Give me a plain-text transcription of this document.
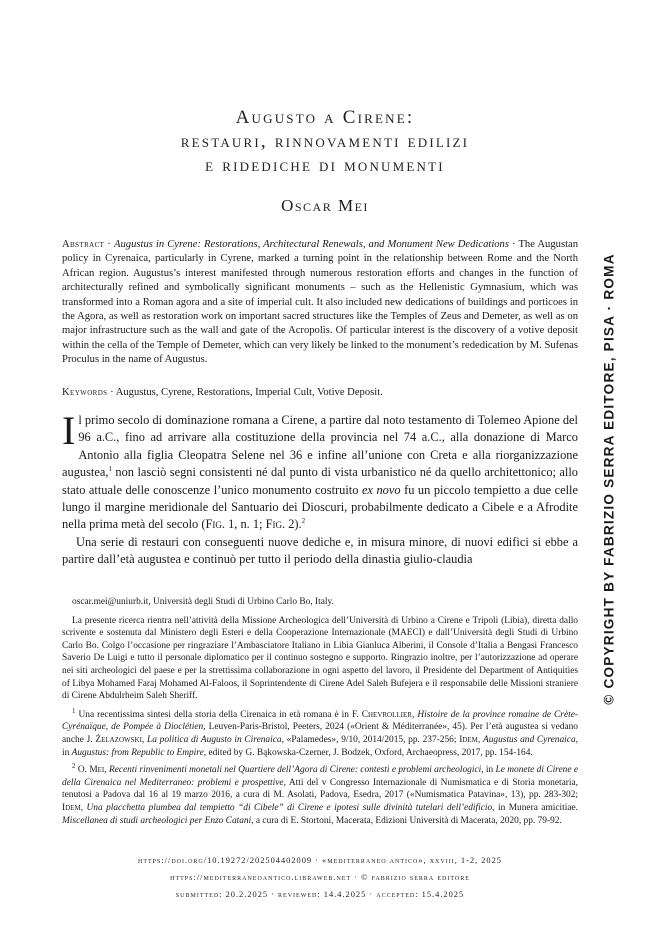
Augusto a Cirene:
restauri, rinnovamenti edilizi
e ridediche di monumenti
Oscar Mei
Abstract · Augustus in Cyrene: Restorations, Architectural Renewals, and Monument New Dedications · The Augustan policy in Cyrenaica, particularly in Cyrene, marked a turning point in the relationship between Rome and the North African region. Augustus’s interest manifested through numerous restoration efforts and changes in the function of architecturally refined and symbolically significant monuments – such as the Hellenistic Gymnasium, which was transformed into a Roman agora and a site of imperial cult. It also included new dedications of buildings and porticoes in the Agora, as well as restoration work on important sacred structures like the Temples of Zeus and Demeter, as well as on major infrastructure such as the wall and gate of the Acropolis. Of particular interest is the discovery of a votive deposit within the cella of the Temple of Demeter, which can very likely be linked to the monument’s rededication by M. Sufenas Proculus in the name of Augustus.
Keywords · Augustus, Cyrene, Restorations, Imperial Cult, Votive Deposit.

Il primo secolo di dominazione romana a Cirene, a partire dal noto testamento di Tolemeo Apione del 96 a.C., fino ad arrivare alla costituzione della provincia nel 74 a.C., alla donazione di Marco Antonio alla figlia Cleopatra Selene nel 36 e infine all’unione con Creta e alla riorganizzazione augustea,$^1$ non lasciò segni consistenti né dal punto di vista urbanistico né da quello architettonico; allo stato attuale delle conoscenze l’unico monumento costruito ex novo fu un piccolo tempietto a due celle lungo il margine meridionale del Santuario dei Dioscuri, probabilmente dedicato a Cibele e a Afrodite nella prima metà del secolo (Fig. 1, n. 1; Fig. 2).$^2$

Una serie di restauri con conseguenti nuove dediche e, in misura minore, di nuovi edifici si ebbe a partire dall’età augustea e continuò per tutto il periodo della dinastia giulio-claudia

oscar.mei@uniurb.it, Università degli Studi di Urbino Carlo Bo, Italy.

La presente ricerca rientra nell’attività della Missione Archeologica dell’Università di Urbino a Cirene e Tripoli (Libia), diretta dallo scrivente e sostenuta dal Ministero degli Esteri e della Cooperazione Internazionale (MAECI) e dall’Università degli Studi di Urbino Carlo Bo. Colgo l’occasione per ringraziare l’Ambasciatore Italiano in Libia Gianluca Alberini, il Console d’Italia a Bengasi Francesco Saverio De Luigi e tutto il personale diplomatico per il continuo sostegno e supporto. Ringrazio inoltre, per l’autorizzazione ad operare nei siti archeologici del paese e per la strettissima collaborazione in ogni aspetto del lavoro, il Presidente del Department of Antiquities of Libya Mohamed Faraj Mohamed Al-Faloos, il Soprintendente di Cirene Adel Saleh Bufejera e il responsabile delle Missioni straniere di Cirene Abdulrheim Saleh Sheriff.

$^1$ Una recentissima sintesi della storia della Cirenaica in età romana è in F. Chevrollier, Histoire de la province romaine de Crète-Cyrénaïque, de Pompée à Dioclétien, Leuven-Paris-Bristol, Peeters, 2024 («Orient & Méditerranée», 45). Per l’età augustea si vedano anche J. Żelazowski, La politica di Augusto in Cirenaica, «Palamedes», 9/10, 2014/2015, pp. 237-256; Idem, Augustus and Cyrenaica, in Augustus: from Republic to Empire, edited by G. Bąkowska-Czerner, J. Bodzek, Oxford, Archaeopress, 2017, pp. 154-164.

$^2$ O. Mei, Recenti rinvenimenti monetali nel Quartiere dell’Agora di Cirene: contesti e problemi archeologici, in Le monete di Cirene e della Cirenaica nel Mediterraneo: problemi e prospettive, Atti del v Congresso Internazionale di Numismatica e di Storia monetaria, tenutosi a Padova dal 16 al 19 marzo 2016, a cura di M. Asolati, Padova, Esedra, 2017 («Numismatica Patavina», 13), pp. 283-302; Idem, Una placchetta plumbea dal tempietto “di Cibele” di Cirene e ipotesi sulle divinità tutelari dell’edificio, in Munera amicitiae. Miscellanea di studi archeologici per Enzo Catani, a cura di E. Stortoni, Macerata, Edizioni Università di Macerata, 2020, pp. 79-92.

https://doi.org/10.19272/202504402009 · «mediterraneo antico», xxviii, 1-2, 2025
https://mediterraneoantico.libraweb.net · © fabrizio serra editore
submitted: 20.2.2025 · reviewed: 14.4.2025 · accepted: 15.4.2025
© COPYRIGHT BY FABRIZIO SERRA EDITORE, PISA · ROMA
